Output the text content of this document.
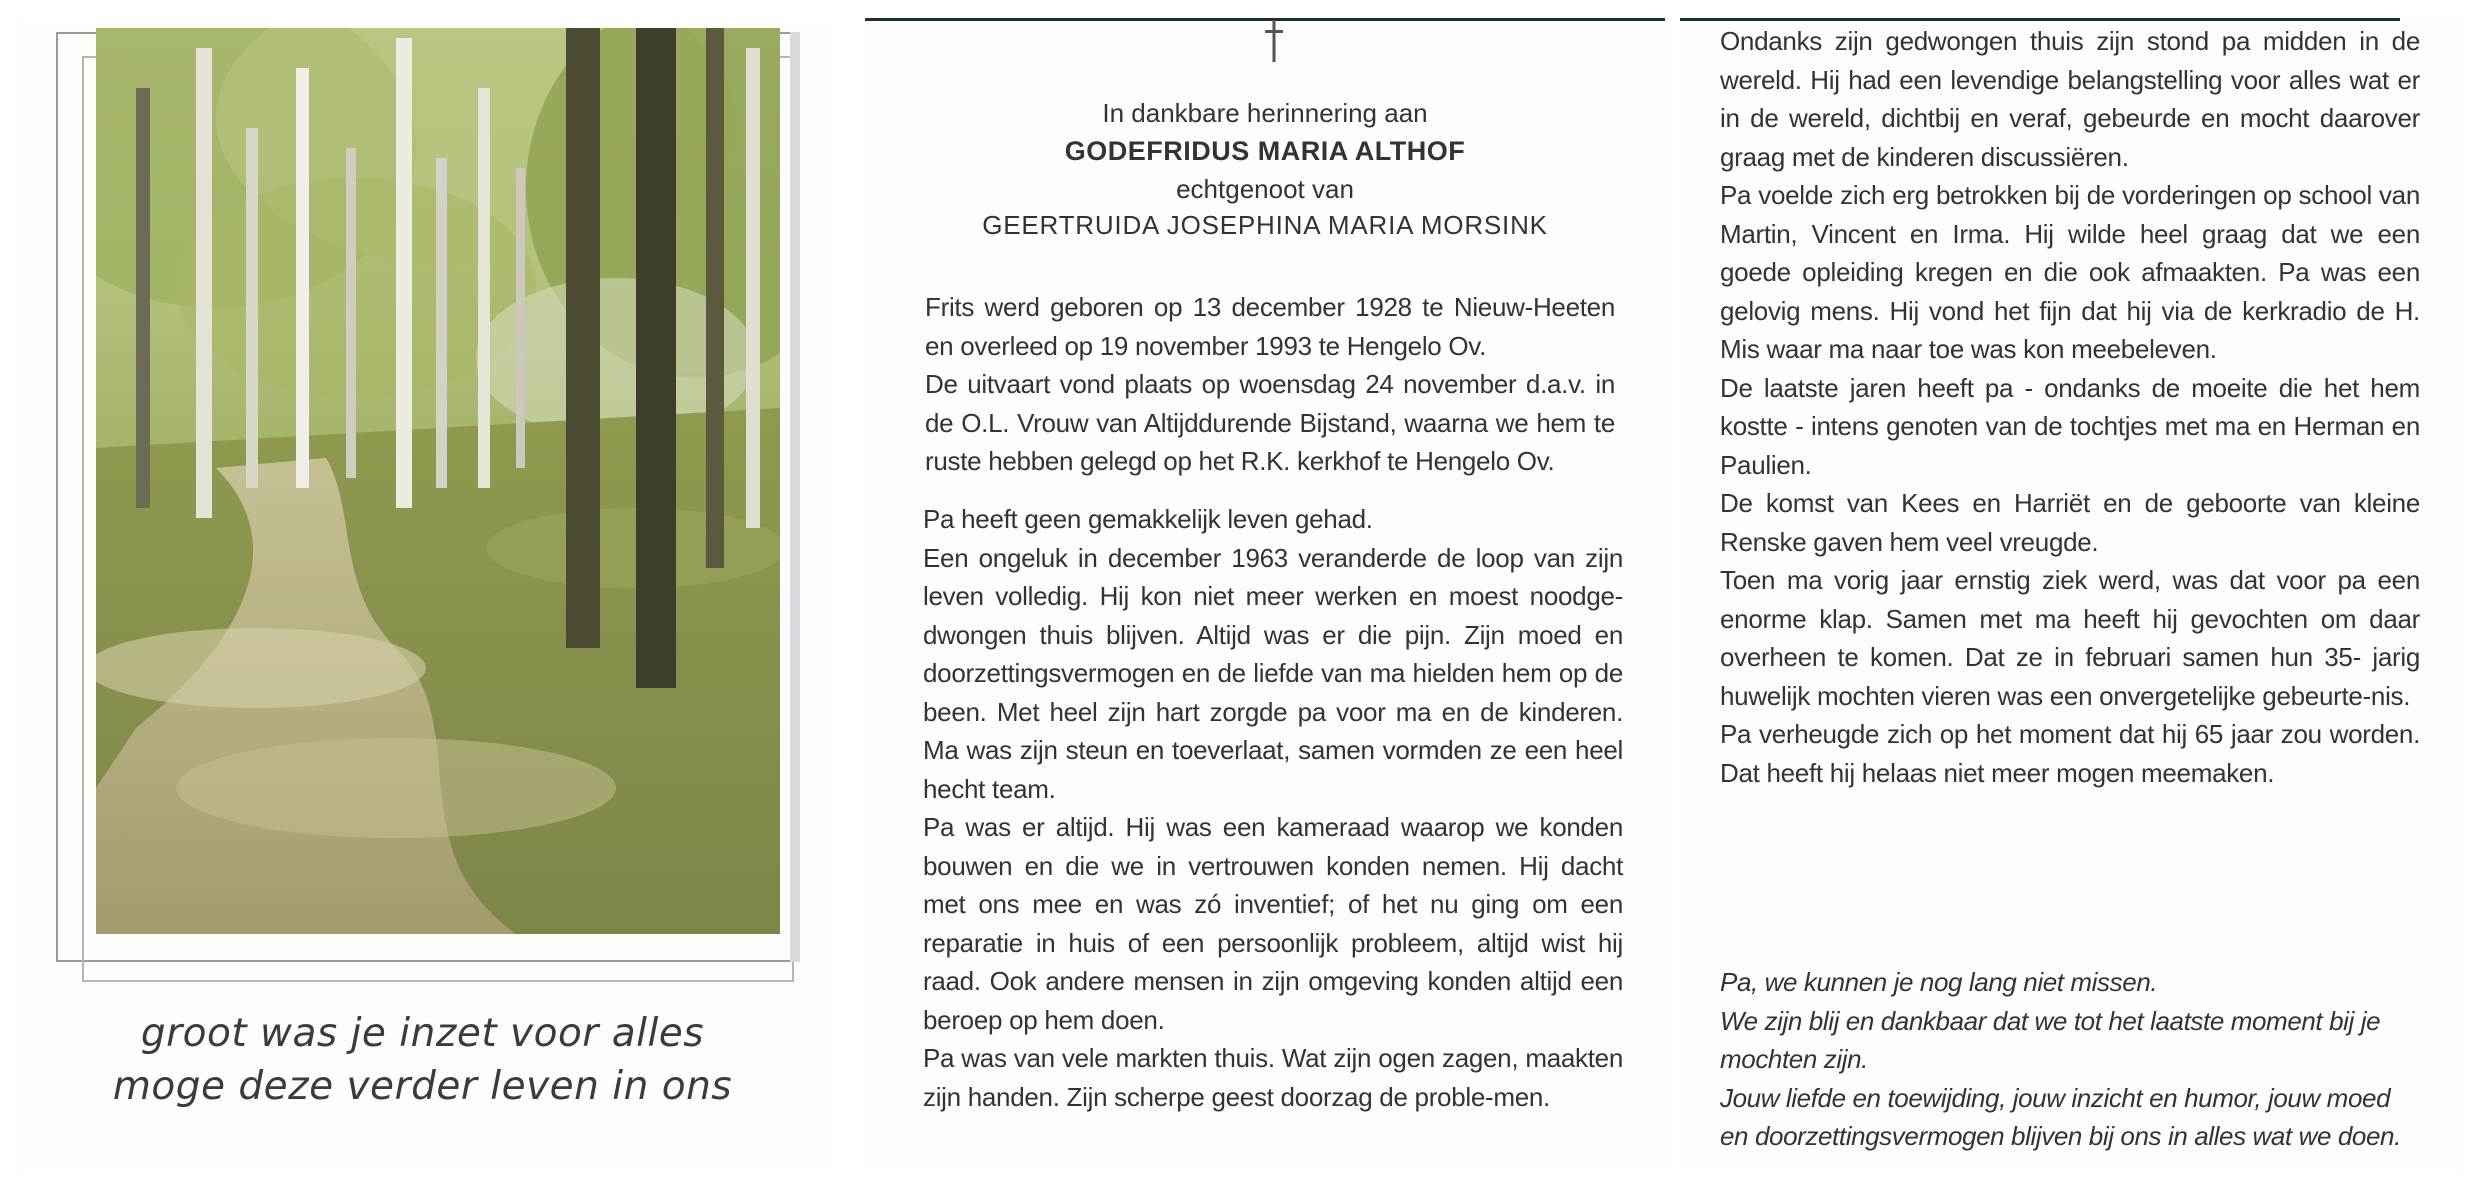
groot was je inzet voor alles
moge deze verder leven in ons
In dankbare herinnering aan
GODEFRIDUS MARIA ALTHOF
echtgenoot van
GEERTRUIDA JOSEPHINA MARIA MORSINK

Frits werd geboren op 13 december 1928 te Nieuw-Heeten en overleed op 19 november 1993 te Hengelo Ov.

De uitvaart vond plaats op woensdag 24 november d.a.v. in de O.L. Vrouw van Altijddurende Bijstand, waarna we hem te ruste hebben gelegd op het R.K. kerkhof te Hengelo Ov.

Pa heeft geen gemakkelijk leven gehad.

Een ongeluk in december 1963 veranderde de loop van zijn leven volledig. Hij kon niet meer werken en moest noodge-dwongen thuis blijven. Altijd was er die pijn. Zijn moed en doorzettingsvermogen en de liefde van ma hielden hem op de been. Met heel zijn hart zorgde pa voor ma en de kinderen. Ma was zijn steun en toeverlaat, samen vormden ze een heel hecht team.

Pa was er altijd. Hij was een kameraad waarop we konden bouwen en die we in vertrouwen konden nemen. Hij dacht met ons mee en was zó inventief; of het nu ging om een reparatie in huis of een persoonlijk probleem, altijd wist hij raad. Ook andere mensen in zijn omgeving konden altijd een beroep op hem doen.

Pa was van vele markten thuis. Wat zijn ogen zagen, maakten zijn handen. Zijn scherpe geest doorzag de proble-men.

Ondanks zijn gedwongen thuis zijn stond pa midden in de wereld. Hij had een levendige belangstelling voor alles wat er in de wereld, dichtbij en veraf, gebeurde en mocht daarover graag met de kinderen discussiëren.

Pa voelde zich erg betrokken bij de vorderingen op school van Martin, Vincent en Irma. Hij wilde heel graag dat we een goede opleiding kregen en die ook afmaakten. Pa was een gelovig mens. Hij vond het fijn dat hij via de kerkradio de H. Mis waar ma naar toe was kon meebeleven.

De laatste jaren heeft pa - ondanks de moeite die het hem kostte - intens genoten van de tochtjes met ma en Herman en Paulien.

De komst van Kees en Harriët en de geboorte van kleine Renske gaven hem veel vreugde.

Toen ma vorig jaar ernstig ziek werd, was dat voor pa een enorme klap. Samen met ma heeft hij gevochten om daar overheen te komen. Dat ze in februari samen hun 35- jarig huwelijk mochten vieren was een onvergetelijke gebeurte-nis.

Pa verheugde zich op het moment dat hij 65 jaar zou worden. Dat heeft hij helaas niet meer mogen meemaken.

Pa, we kunnen je nog lang niet missen.

We zijn blij en dankbaar dat we tot het laatste moment bij je mochten zijn.

Jouw liefde en toewijding, jouw inzicht en humor, jouw moed en doorzettingsvermogen blijven bij ons in alles wat we doen.
